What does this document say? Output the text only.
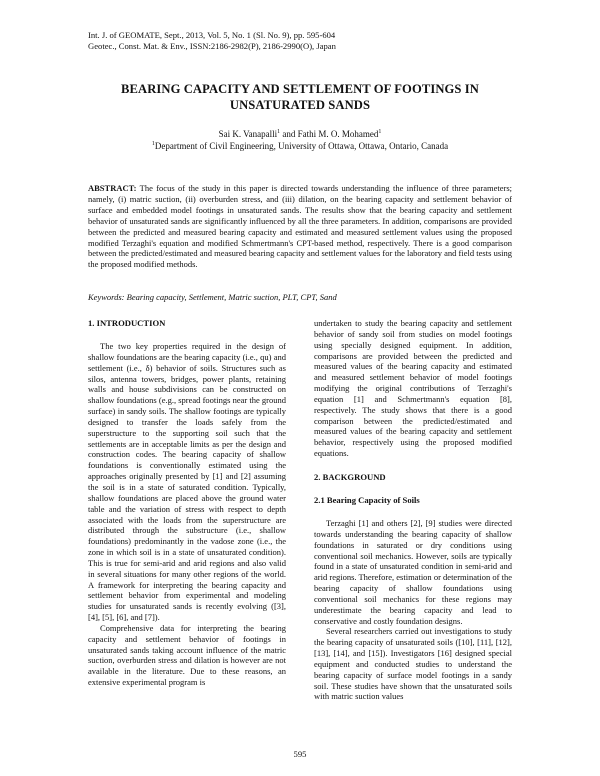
Int. J. of GEOMATE, Sept., 2013, Vol. 5, No. 1 (Sl. No. 9), pp. 595-604
Geotec., Const. Mat. & Env., ISSN:2186-2982(P), 2186-2990(O), Japan
BEARING CAPACITY AND SETTLEMENT OF FOOTINGS IN
UNSATURATED SANDS
Sai K. Vanapalli$^1$ and Fathi M. O. Mohamed$^1$
$^1$Department of Civil Engineering, University of Ottawa, Ottawa, Ontario, Canada
ABSTRACT: The focus of the study in this paper is directed towards understanding the influence of three parameters; namely, (i) matric suction, (ii) overburden stress, and (iii) dilation, on the bearing capacity and settlement behavior of surface and embedded model footings in unsaturated sands. The results show that the bearing capacity and settlement behavior of unsaturated sands are significantly influenced by all the three parameters. In addition, comparisons are provided between the predicted and measured bearing capacity and estimated and measured settlement values using the proposed modified Terzaghi's equation and modified Schmertmann's CPT-based method, respectively. There is a good comparison between the predicted/estimated and measured bearing capacity and settlement values for the laboratory and field tests using the proposed modified methods.
Keywords: Bearing capacity, Settlement, Matric suction, PLT, CPT, Sand
1. INTRODUCTION

The two key properties required in the design of shallow foundations are the bearing capacity (i.e., qu) and settlement (i.e., δ) behavior of soils. Structures such as silos, antenna towers, bridges, power plants, retaining walls and house subdivisions can be constructed on shallow foundations (e.g., spread footings near the ground surface) in sandy soils. The shallow footings are typically designed to transfer the loads safely from the superstructure to the supporting soil such that the settlements are in acceptable limits as per the design and construction codes. The bearing capacity of shallow foundations is conventionally estimated using the approaches originally presented by [1] and [2] assuming the soil is in a state of saturated condition. Typically, shallow foundations are placed above the ground water table and the variation of stress with respect to depth associated with the loads from the superstructure are distributed through the substructure (i.e., shallow foundations) predominantly in the vadose zone (i.e., the zone in which soil is in a state of unsaturated condition). This is true for semi-arid and arid regions and also valid in several situations for many other regions of the world. A framework for interpreting the bearing capacity and settlement behavior from experimental and modeling studies for unsaturated sands is recently evolving ([3], [4], [5], [6], and [7]).

Comprehensive data for interpreting the bearing capacity and settlement behavior of footings in unsaturated sands taking account influence of the matric suction, overburden stress and dilation is however are not available in the literature. Due to these reasons, an extensive experimental program is

undertaken to study the bearing capacity and settlement behavior of sandy soil from studies on model footings using specially designed equipment. In addition, comparisons are provided between the predicted and measured values of the bearing capacity and estimated and measured settlement behavior of model footings modifying the original contributions of Terzaghi's equation [1] and Schmertmann's equation [8], respectively. The study shows that there is a good comparison between the predicted/estimated and measured values of the bearing capacity and settlement behavior, respectively using the proposed modified equations.

2. BACKGROUND
2.1 Bearing Capacity of Soils

Terzaghi [1] and others [2], [9] studies were directed towards understanding the bearing capacity of shallow foundations in saturated or dry conditions using conventional soil mechanics. However, soils are typically found in a state of unsaturated condition in semi-arid and arid regions. Therefore, estimation or determination of the bearing capacity of shallow foundations using conventional soil mechanics for these regions may underestimate the bearing capacity and lead to conservative and costly foundation designs.

Several researchers carried out investigations to study the bearing capacity of unsaturated soils ([10], [11], [12], [13], [14], and [15]). Investigators [16] designed special equipment and conducted studies to understand the bearing capacity of surface model footings in a sandy soil. These studies have shown that the unsaturated soils with matric suction values

595
